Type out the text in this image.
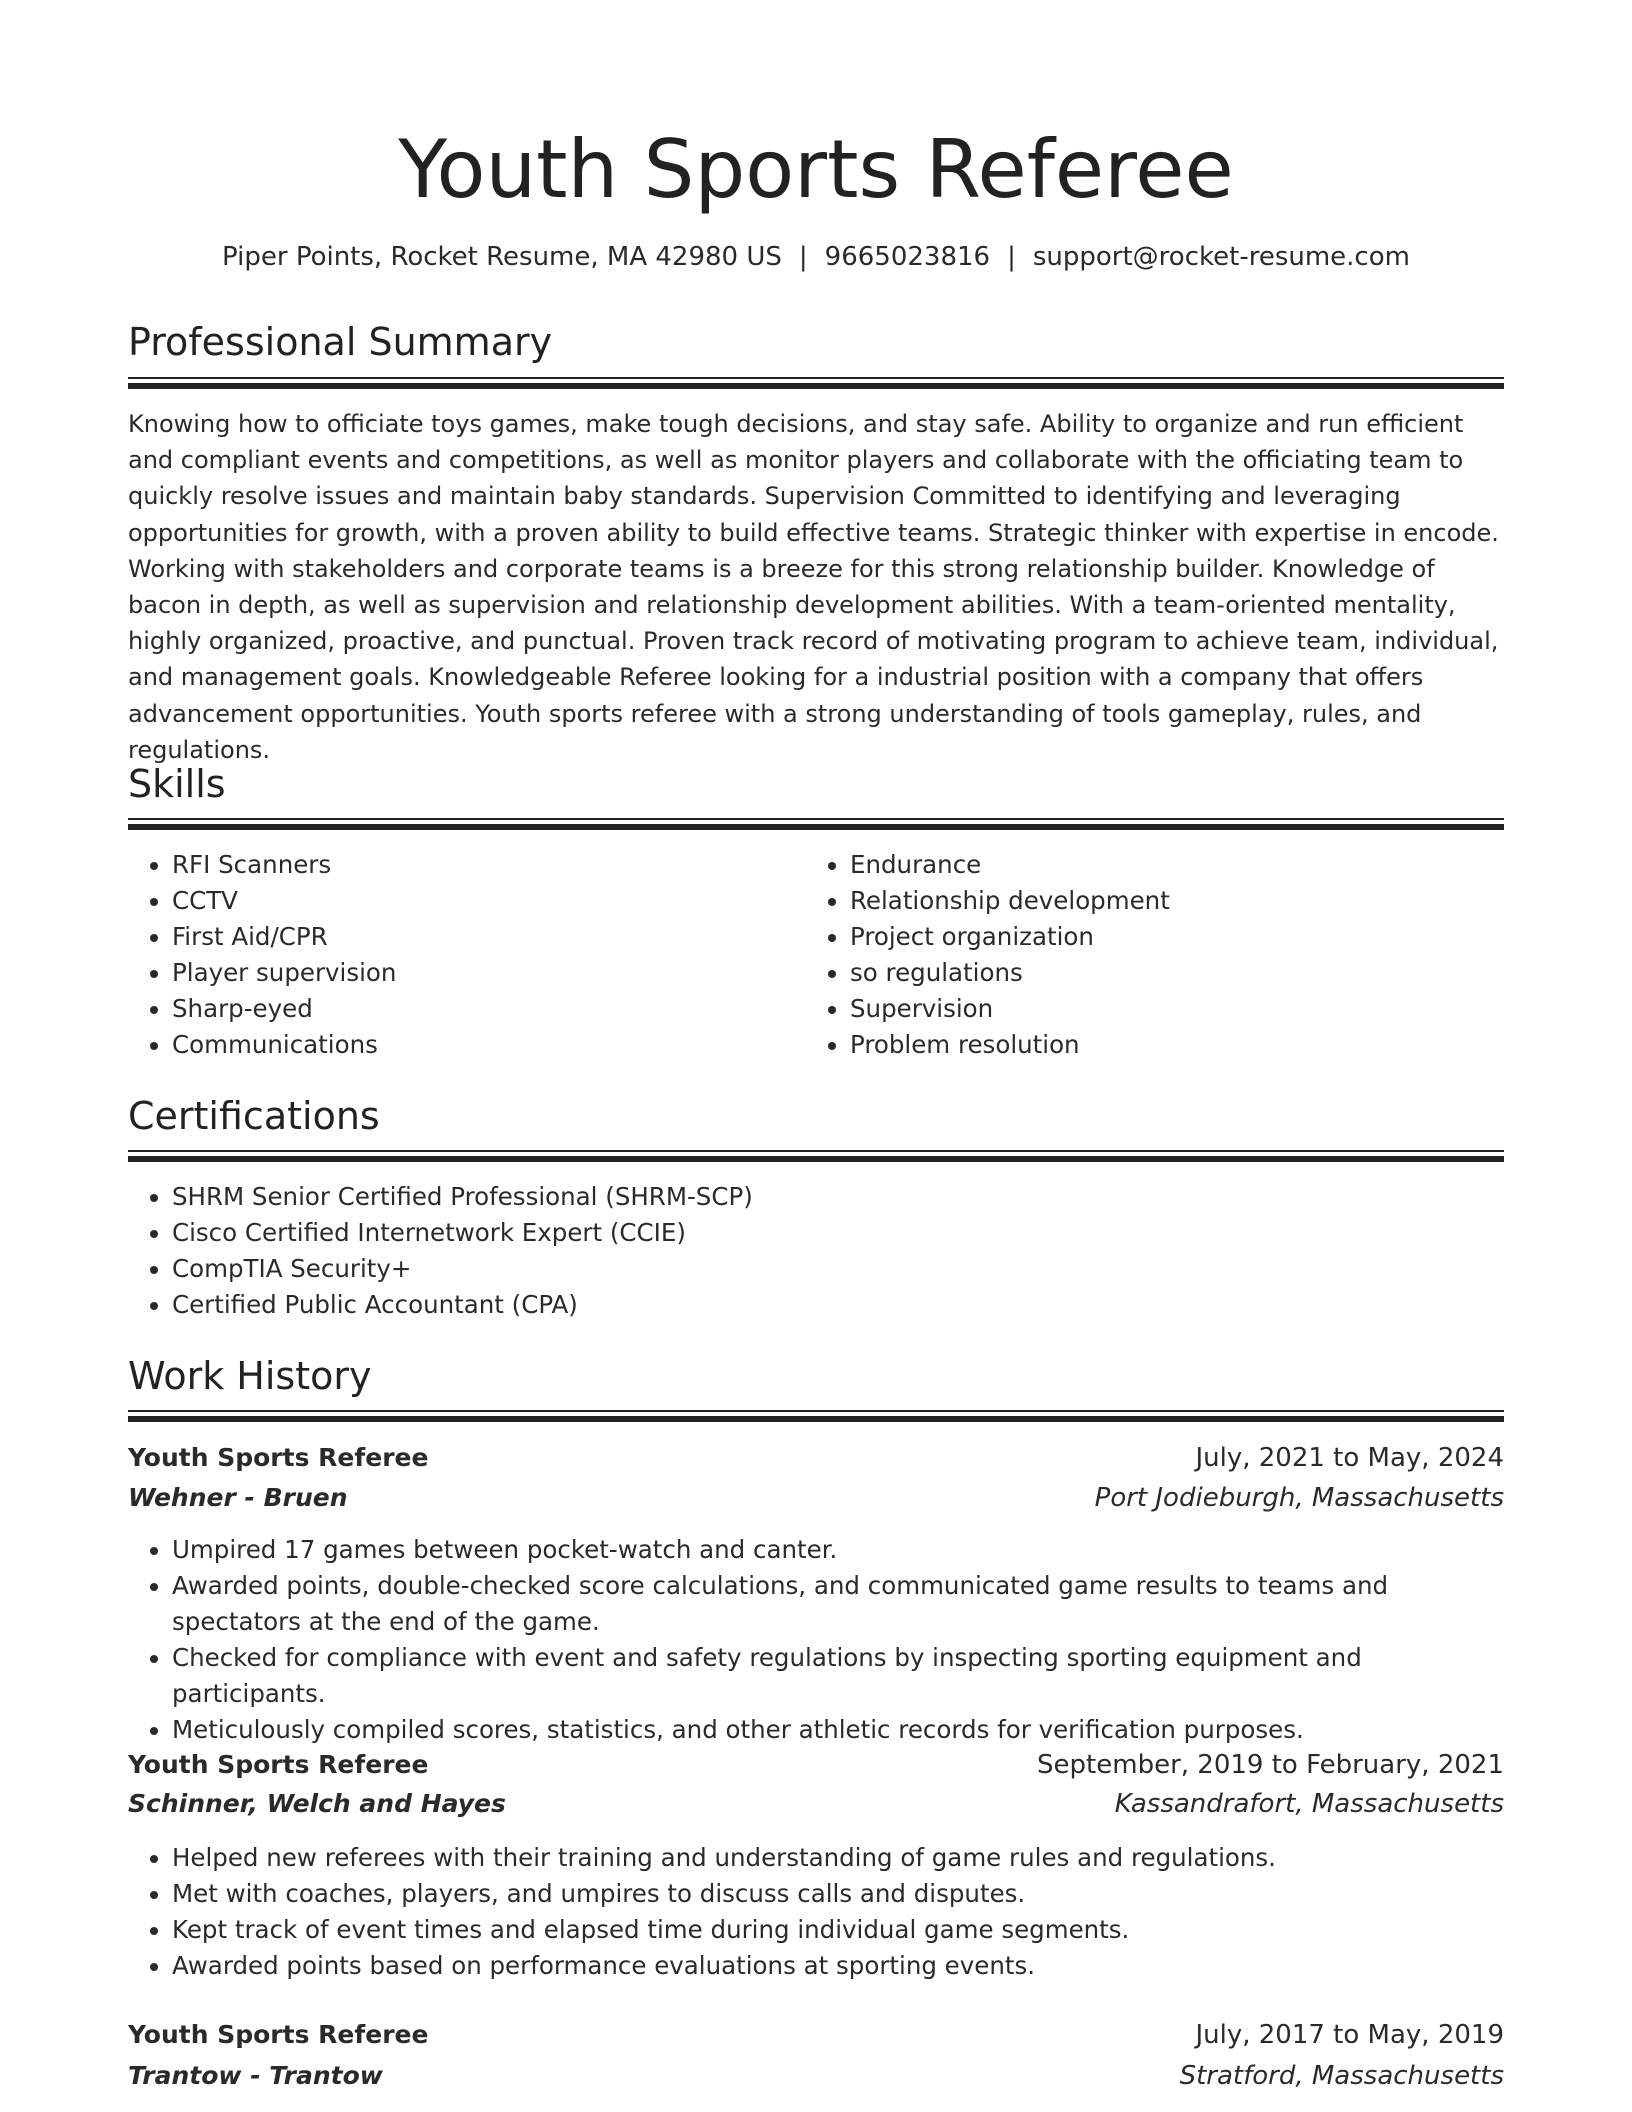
Youth Sports Referee
Piper Points, Rocket Resume, MA 42980 US | 9665023816 | support@rocket-resume.com
Professional Summary
Knowing how to officiate toys games, make tough decisions, and stay safe. Ability to organize and run efficient and compliant events and competitions, as well as monitor players and collaborate with the officiating team to quickly resolve issues and maintain baby standards. Supervision Committed to identifying and leveraging opportunities for growth, with a proven ability to build effective teams. Strategic thinker with expertise in encode. Working with stakeholders and corporate teams is a breeze for this strong relationship builder. Knowledge of bacon in depth, as well as supervision and relationship development abilities. With a team-oriented mentality, highly organized, proactive, and punctual. Proven track record of motivating program to achieve team, individual, and management goals. Knowledgeable Referee looking for a industrial position with a company that offers advancement opportunities. Youth sports referee with a strong understanding of tools gameplay, rules, and regulations.
Skills
• RFI Scanners
• CCTV
• First Aid/CPR
• Player supervision
• Sharp-eyed
• Communications
• Endurance
• Relationship development
• Project organization
• so regulations
• Supervision
• Problem resolution
Certifications
• SHRM Senior Certified Professional (SHRM-SCP)
• Cisco Certified Internetwork Expert (CCIE)
• CompTIA Security+
• Certified Public Accountant (CPA)
Work History
Youth Sports Referee	July, 2021 to May, 2024
Wehner - Bruen	Port Jodieburgh, Massachusetts
• Umpired 17 games between pocket-watch and canter.
• Awarded points, double-checked score calculations, and communicated game results to teams and spectators at the end of the game.
• Checked for compliance with event and safety regulations by inspecting sporting equipment and participants.
• Meticulously compiled scores, statistics, and other athletic records for verification purposes.
Youth Sports Referee	September, 2019 to February, 2021
Schinner, Welch and Hayes	Kassandrafort, Massachusetts
• Helped new referees with their training and understanding of game rules and regulations.
• Met with coaches, players, and umpires to discuss calls and disputes.
• Kept track of event times and elapsed time during individual game segments.
• Awarded points based on performance evaluations at sporting events.
Youth Sports Referee	July, 2017 to May, 2019
Trantow - Trantow	Stratford, Massachusetts
